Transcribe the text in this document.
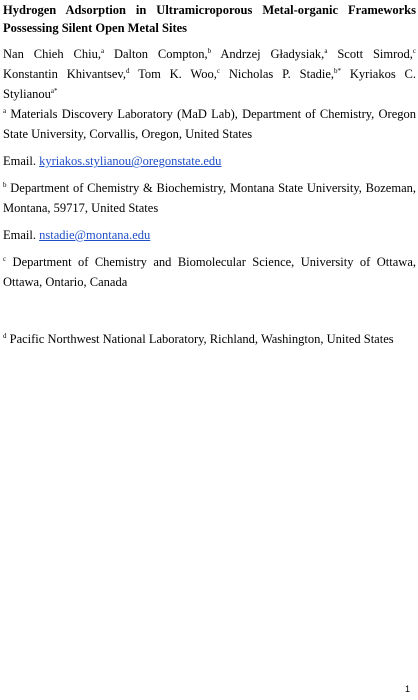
Hydrogen Adsorption in Ultramicroporous Metal-organic Frameworks Possessing Silent Open Metal Sites
Nan Chieh Chiu,$^a$ Dalton Compton,$^b$ Andrzej Gładysiak,$^a$ Scott Simrod,$^c$ Konstantin Khivantsev,$^d$ Tom K. Woo,$^c$ Nicholas P. Stadie,$^{b*}$ Kyriakos C. Stylianou$^{a*}$
$^a$ Materials Discovery Laboratory (MaD Lab), Department of Chemistry, Oregon State University, Corvallis, Oregon, United States
Email. kyriakos.stylianou@oregonstate.edu
$^b$ Department of Chemistry & Biochemistry, Montana State University, Bozeman, Montana, 59717, United States
Email. nstadie@montana.edu
$^c$ Department of Chemistry and Biomolecular Science, University of Ottawa, Ottawa, Ontario, Canada
$^d$ Pacific Northwest National Laboratory, Richland, Washington, United States
1
